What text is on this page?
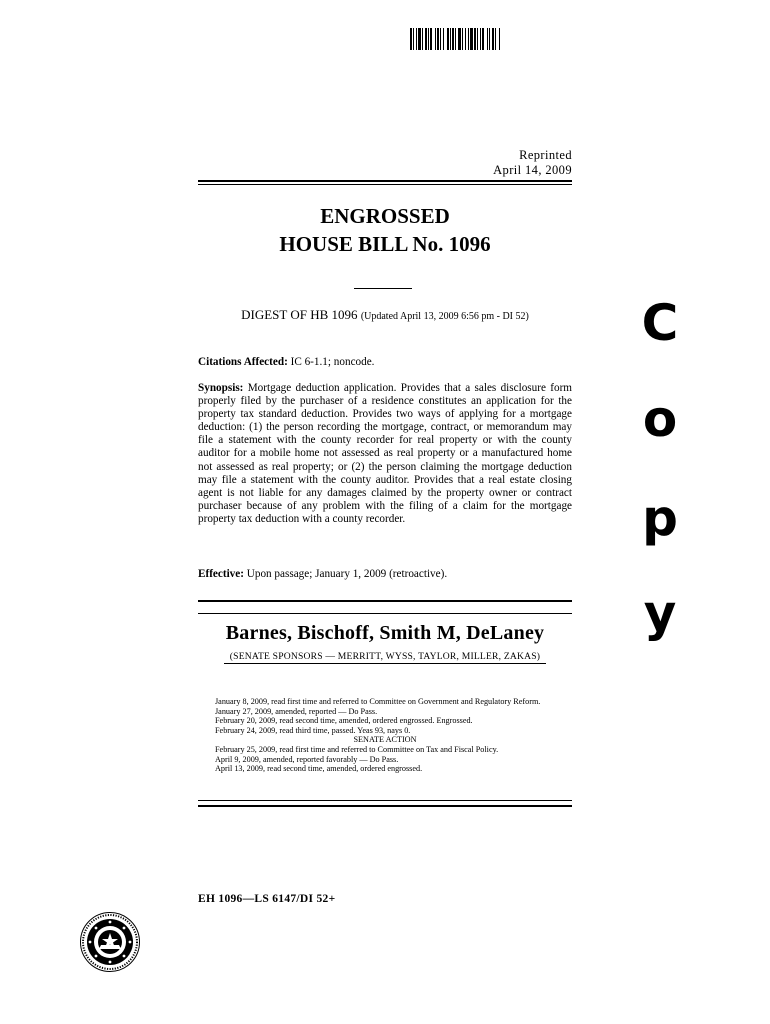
Reprinted
April 14, 2009
ENGROSSED
HOUSE BILL No. 1096
DIGEST OF HB 1096 (Updated April 13, 2009 6:56 pm - DI 52)
Citations Affected: IC 6-1.1; noncode.
Synopsis: Mortgage deduction application. Provides that a sales disclosure form properly filed by the purchaser of a residence constitutes an application for the property tax standard deduction. Provides two ways of applying for a mortgage deduction: (1) the person recording the mortgage, contract, or memorandum may file a statement with the county recorder for real property or with the county auditor for a mobile home not assessed as real property or a manufactured home not assessed as real property; or (2) the person claiming the mortgage deduction may file a statement with the county auditor. Provides that a real estate closing agent is not liable for any damages claimed by the property owner or contract purchaser because of any problem with the filing of a claim for the mortgage property tax deduction with a county recorder.
Effective: Upon passage; January 1, 2009 (retroactive).
Barnes, Bischoff, Smith M, DeLaney
(SENATE SPONSORS — MERRITT, WYSS, TAYLOR, MILLER, ZAKAS)
January 8, 2009, read first time and referred to Committee on Government and Regulatory Reform.
January 27, 2009, amended, reported — Do Pass.
February 20, 2009, read second time, amended, ordered engrossed. Engrossed.
February 24, 2009, read third time, passed. Yeas 93, nays 0.
SENATE ACTION
February 25, 2009, read first time and referred to Committee on Tax and Fiscal Policy.
April 9, 2009, amended, reported favorably — Do Pass.
April 13, 2009, read second time, amended, ordered engrossed.
C
o
p
y
EH 1096—LS 6147/DI 52+
